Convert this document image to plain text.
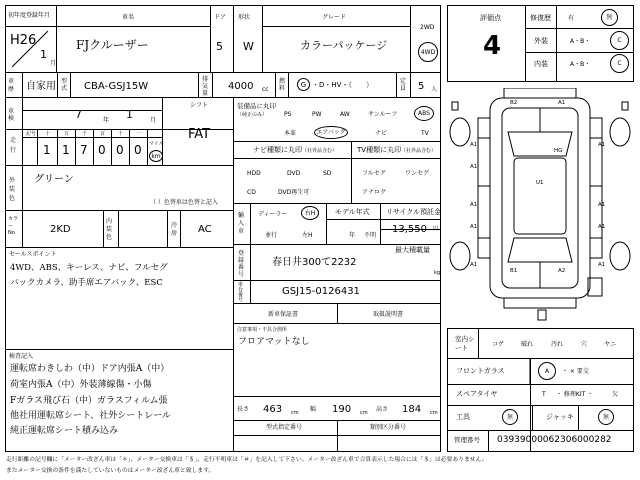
初年度登録年月
H26
1
月
車名
FJクルーザー
ドア
5
形状
W
グレード
カラーパッケージ
2WD
4WD
車歴	自家用 型式 CBA-GSJ15W
排気量
4000 cc
燃料	G ・D・HV・（　　）	定員 5 人
車検	7	年 1	月
シフト
FAT
走行
記号 十	万	千	百	十	一
1 1 7 0 0 0 マイル
km
外装色
グリーン
（ ）色替車は色替と記入
カラーNo	2KD
内装色
冷房 AC
セールスポイント
4WD、ABS、キーレス、ナビ、フルセグ
バックカメラ、助手席エアバック、ESC
検査記入
運転席わきしわ（中）ドア内張A（中）
荷室内張A（中）外装薄線傷・小傷
Fガラス飛び石（中）ガラスフィルム張
他社用運転席シート、社外シートレール
純正運転席シート積み込み
装備品に丸印
（純正のみ）	PS	PW	AW	サンルーフ	ABS
本革	エアバック	ナビ	TV
ナビ種類に丸印 （社外品含む）
HDD	DVD	SD
CD	DVD再生可
TV種類に丸印 （社外品含む）
フルセグ	ワンセグ
アナログ
輸入車
ディーラー	右H
並行	左H
モデル年式
年 不明
リサイクル預託金
13,550 円
最大積載量
kg
登録番号
春日井300て2232
車台番号
GSJ15-0126431
新車保証書	取扱説明書
注意事項・不具合箇所
フロアマットなし
長さ 463 cm 幅 190 cm 高さ 184 cm
型式指定番号	類別区分番号
評価点
4
修復歴	有	無
外装	A・B・	C
内装	A・B・	C
B2	A1
A1
A1
A1
A1
A1
U1
HG
A1
A1
A1
A1
B1	A2
室内シート	コゲ	破れ	汚れ	穴	ヤニ
フロントガラス	A	・ × 要交
スペアタイヤ	T ・ 修理KIT ・	欠
工具	無	ジャッキ	無
管理番号 03939000062306000282
走行距離の記号欄に「メーター改ざん車は「＊」、メーター交換車は「＄」、走行不明車は「＃」を記入して下さい。メーター改ざん車で合算表示した場合には「＄」は必要ありません。
またメーター交換の条件を満たしていないものはメーター改ざん車と致します。
